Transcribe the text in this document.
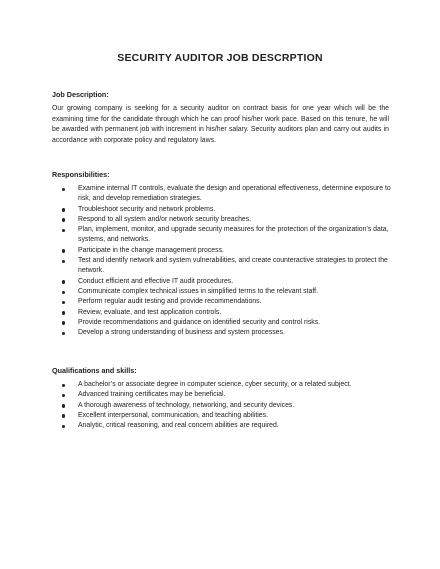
SECURITY AUDITOR JOB DESCRPTION
Job Description:
Our growing company is seeking for a security auditor on contract basis for one year which will be the examining time for the candidate through which he can proof his/her work pace. Based on this tenure, he will be awarded with permanent job with increment in his/her salary. Security auditors plan and carry out audits in accordance with corporate policy and regulatory laws.
Responsibilities:
Examine internal IT controls, evaluate the design and operational effectiveness, determine exposure to risk, and develop remediation strategies.
Troubleshoot security and network problems.
Respond to all system and/or network security breaches.
Plan, implement, monitor, and upgrade security measures for the protection of the organization’s data, systems, and networks.
Participate in the change management process.
Test and identify network and system vulnerabilities, and create counteractive strategies to protect the network.
Conduct efficient and effective IT audit procedures.
Communicate complex technical issues in simplified terms to the relevant staff.
Perform regular audit testing and provide recommendations.
Review, evaluate, and test application controls.
Provide recommendations and guidance on identified security and control risks.
Develop a strong understanding of business and system processes.
Qualifications and skills:
A bachelor’s or associate degree in computer science, cyber security, or a related subject.
Advanced training certificates may be beneficial.
A thorough awareness of technology, networking, and security devices.
Excellent interpersonal, communication, and teaching abilities.
Analytic, critical reasoning, and real concern abilities are required.
